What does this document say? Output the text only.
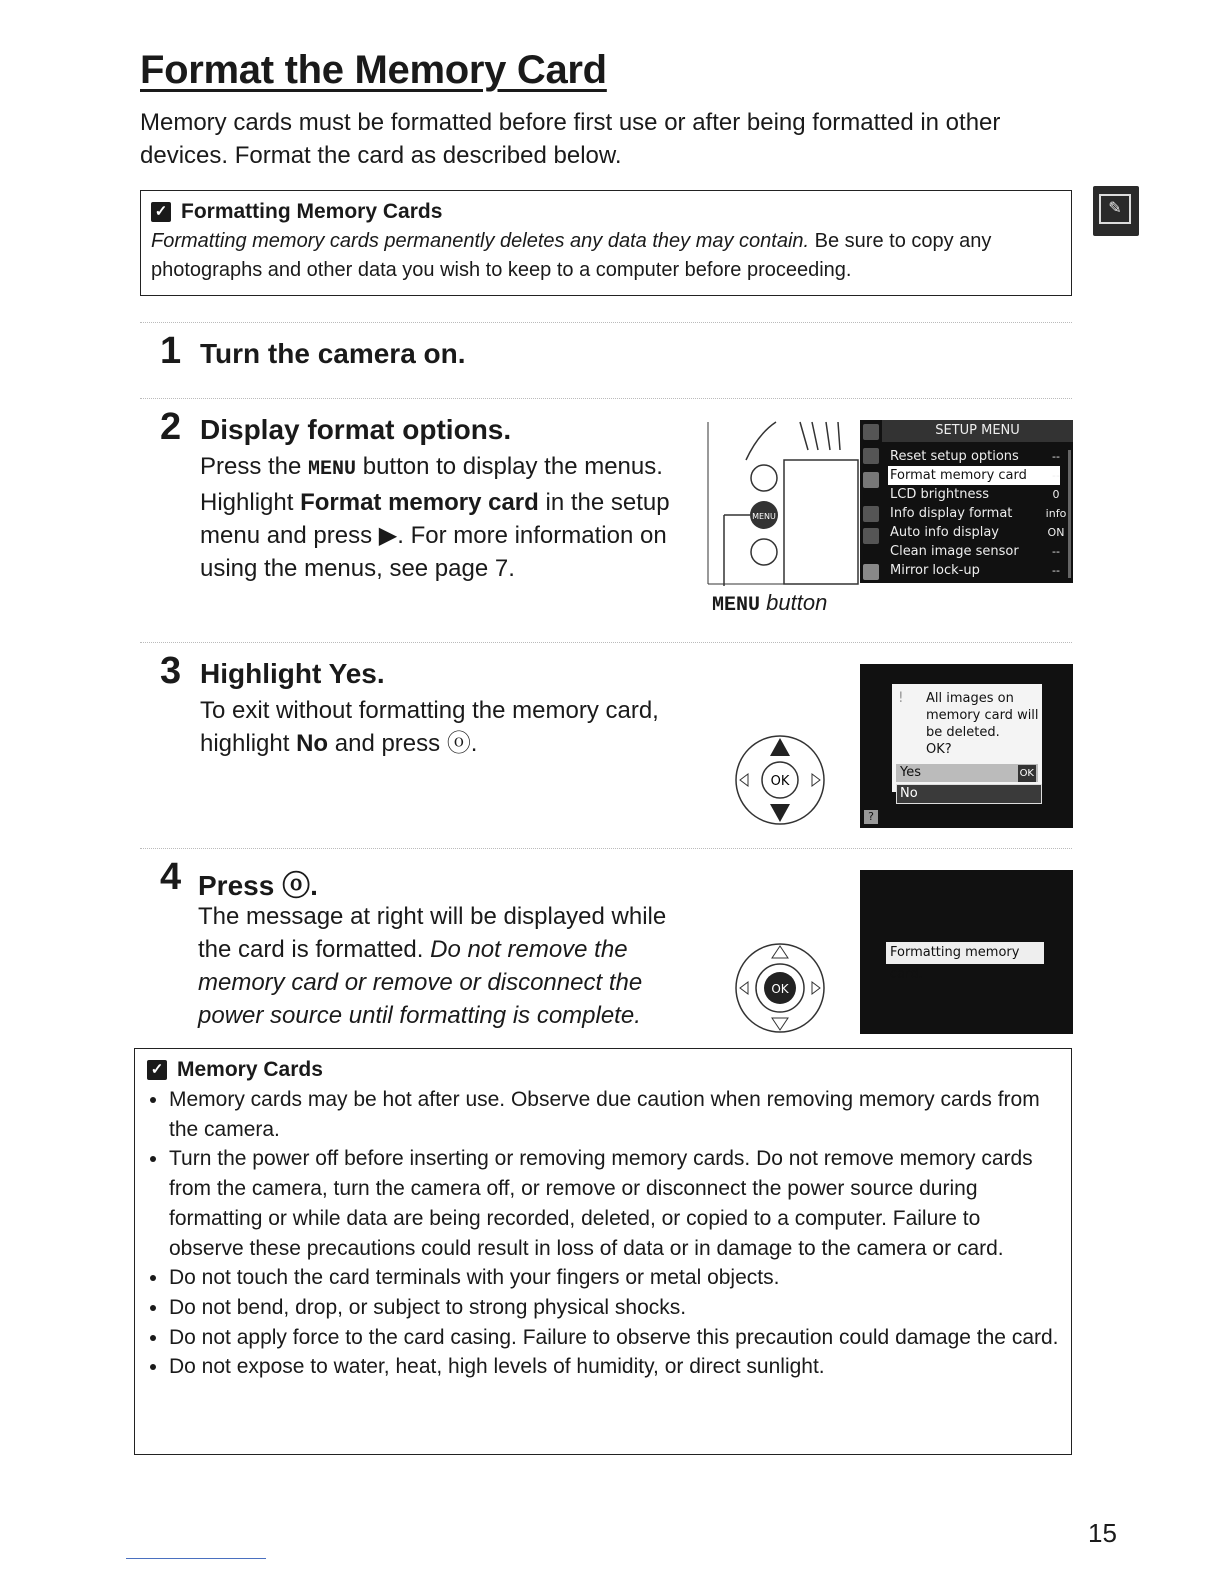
Format the Memory Card
Memory cards must be formatted before first use or after being formatted in other devices. Format the card as described below.
✓ Formatting Memory Cards
Formatting memory cards permanently deletes any data they may contain. Be sure to copy any photographs and other data you wish to keep to a computer before proceeding.
✎
1 Turn the camera on.
2 Display format options.
Press the MENU button to display the menus. Highlight Format memory card in the setup menu and press ▶. For more information on using the menus, see page 7.
MENU
MENU button
SETUP MENU
Reset setup options	--
Format memory card	--
LCD brightness	0
Info display format	info
Auto info display	ON
Clean image sensor	--
Mirror lock-up	--
3 Highlight Yes.
To exit without formatting the memory card, highlight No and press ⓞ.
OK
! All images on
memory card will
be deleted.
OK?
Yes	OK
No
?
4 Press ⓞ.
The message at right will be displayed while the card is formatted. Do not remove the memory card or remove or disconnect the power source until formatting is complete.
OK
Formatting memory card.
✓ Memory Cards
• Memory cards may be hot after use. Observe due caution when removing memory cards from the camera.
• Turn the power off before inserting or removing memory cards. Do not remove memory cards from the camera, turn the camera off, or remove or disconnect the power source during formatting or while data are being recorded, deleted, or copied to a computer. Failure to observe these precautions could result in loss of data or in damage to the camera or card.
• Do not touch the card terminals with your fingers or metal objects.
• Do not bend, drop, or subject to strong physical shocks.
• Do not apply force to the card casing. Failure to observe this precaution could damage the card.
• Do not expose to water, heat, high levels of humidity, or direct sunlight.
15
